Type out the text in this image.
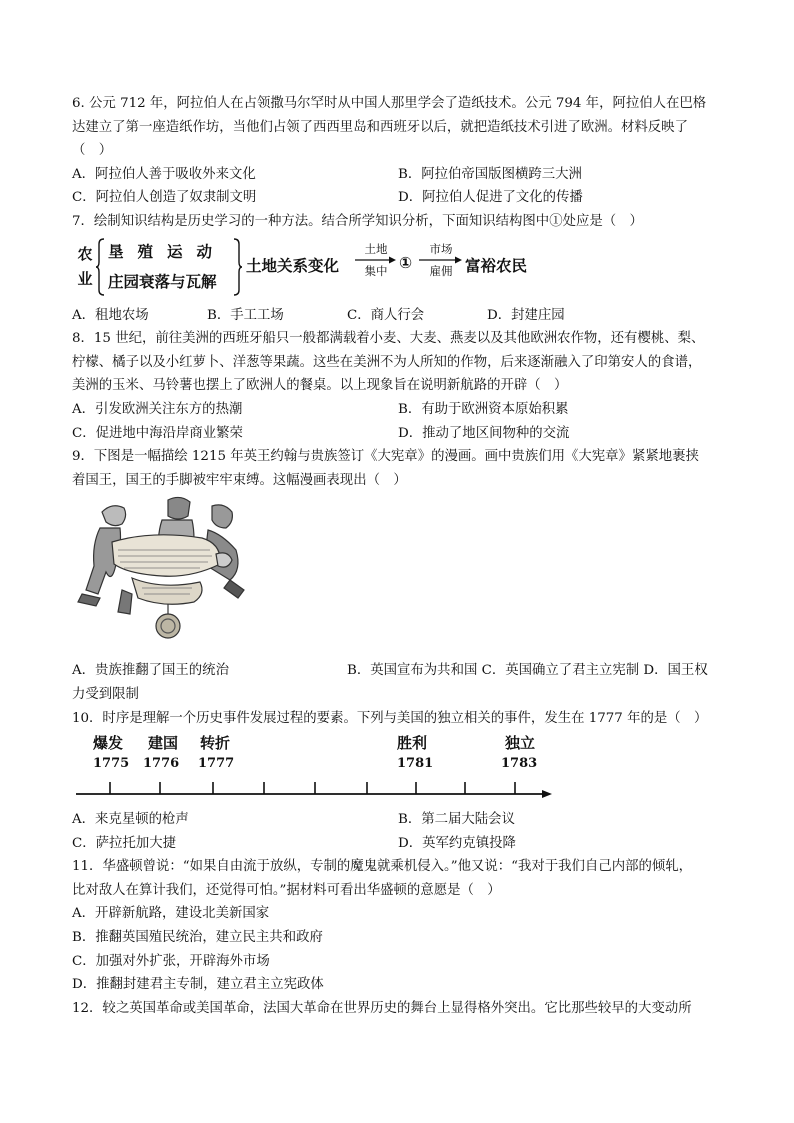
6. 公元 712 年，阿拉伯人在占领撒马尔罕时从中国人那里学会了造纸技术。公元 794 年，阿拉伯人在巴格

达建立了第一座造纸作坊，当他们占领了西西里岛和西班牙以后，就把造纸技术引进了欧洲。材料反映了

（　）

A．阿拉伯人善于吸收外来文化	B．阿拉伯帝国版图横跨三大洲
C．阿拉伯人创造了奴隶制文明	D．阿拉伯人促进了文化的传播

7．绘制知识结构是历史学习的一种方法。结合所学知识分析，下面知识结构图中①处应是（　）

农业
垦殖运动
庄园衰落与瓦解
土地关系变化
土地
集中 ①
市场
雇佣 富裕农民
A．租地农场	B．手工工场	C．商人行会	D．封建庄园

8．15 世纪，前往美洲的西班牙船只一般都满载着小麦、大麦、燕麦以及其他欧洲农作物，还有樱桃、梨、

柠檬、橘子以及小红萝卜、洋葱等果蔬。这些在美洲不为人所知的作物，后来逐渐融入了印第安人的食谱，

美洲的玉米、马铃薯也摆上了欧洲人的餐桌。以上现象旨在说明新航路的开辟（　）

A．引发欧洲关注东方的热潮	B．有助于欧洲资本原始积累
C．促进地中海沿岸商业繁荣	D．推动了地区间物种的交流

9．下图是一幅描绘 1215 年英王约翰与贵族签订《大宪章》的漫画。画中贵族们用《大宪章》紧紧地裹挟

着国王，国王的手脚被牢牢束缚。这幅漫画表现出（　）

A．贵族推翻了国王的统治	B．英国宣布为共和国 C．英国确立了君主立宪制 D．国王权

力受到限制

10．时序是理解一个历史事件发展过程的要素。下列与美国的独立相关的事件，发生在 1777 年的是（　）

爆发 建国 转折	胜利	独立
1775 1776 1777	1781	1783
A．来克星顿的枪声	B．第二届大陆会议
C．萨拉托加大捷	D．英军约克镇投降

11．华盛顿曾说：“如果自由流于放纵，专制的魔鬼就乘机侵入。”他又说：“我对于我们自己内部的倾轧，

比对敌人在算计我们，还觉得可怕。”据材料可看出华盛顿的意愿是（　）

A．开辟新航路，建设北美新国家

B．推翻英国殖民统治，建立民主共和政府

C．加强对外扩张，开辟海外市场

D．推翻封建君主专制，建立君主立宪政体

12．较之英国革命或美国革命，法国大革命在世界历史的舞台上显得格外突出。它比那些较早的大变动所
